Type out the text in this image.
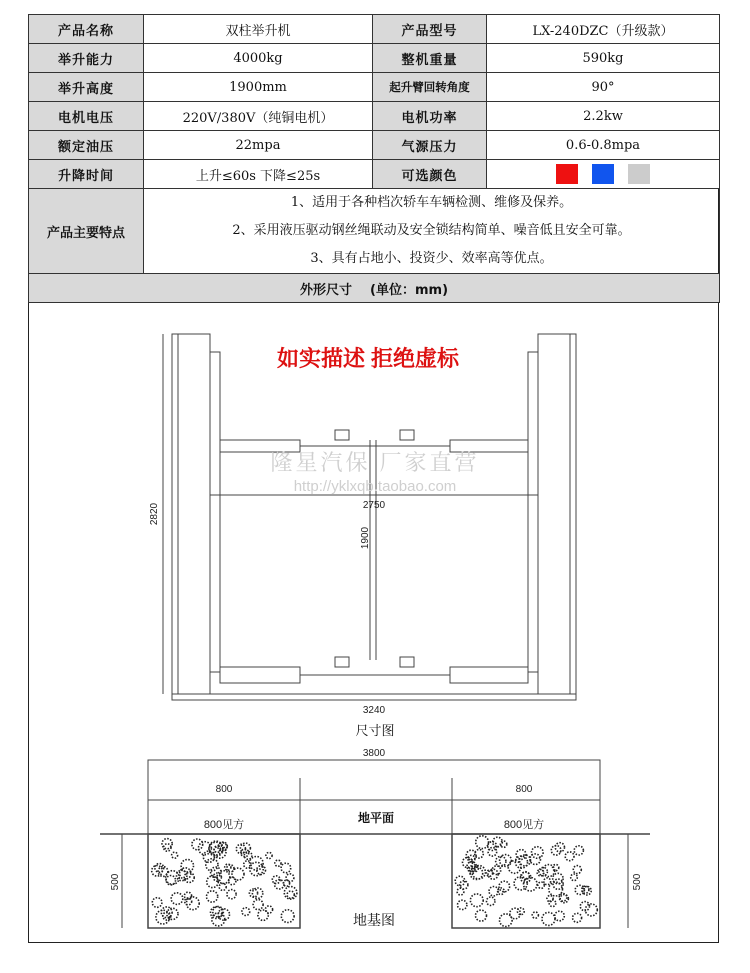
产品名称	双柱举升机	产品型号	LX-240DZC（升级款）
举升能力	4000kg	整机重量	590kg
举升高度	1900mm	起升臂回转角度	90°
电机电压	220V/380V（纯铜电机）	电机功率	2.2kw
额定油压	22mpa	气源压力	0.6-0.8mpa
升降时间	上升≤60s 下降≤25s	可选颜色	
产品主要特点	1、适用于各种档次轿车车辆检测、维修及保养。
2、采用液压驱动钢丝绳联动及安全锁结构简单、噪音低且安全可靠。
3、具有占地小、投资少、效率高等优点。		

外形尺寸    (单位：mm)			
如实描述 拒绝虚标
隆星汽保 厂家直营
http://yklxqb.taobao.com
2820	2750
1900
3240
尺寸图
3800
800	800
800见方	800见方
地平面
500	500
地基图
